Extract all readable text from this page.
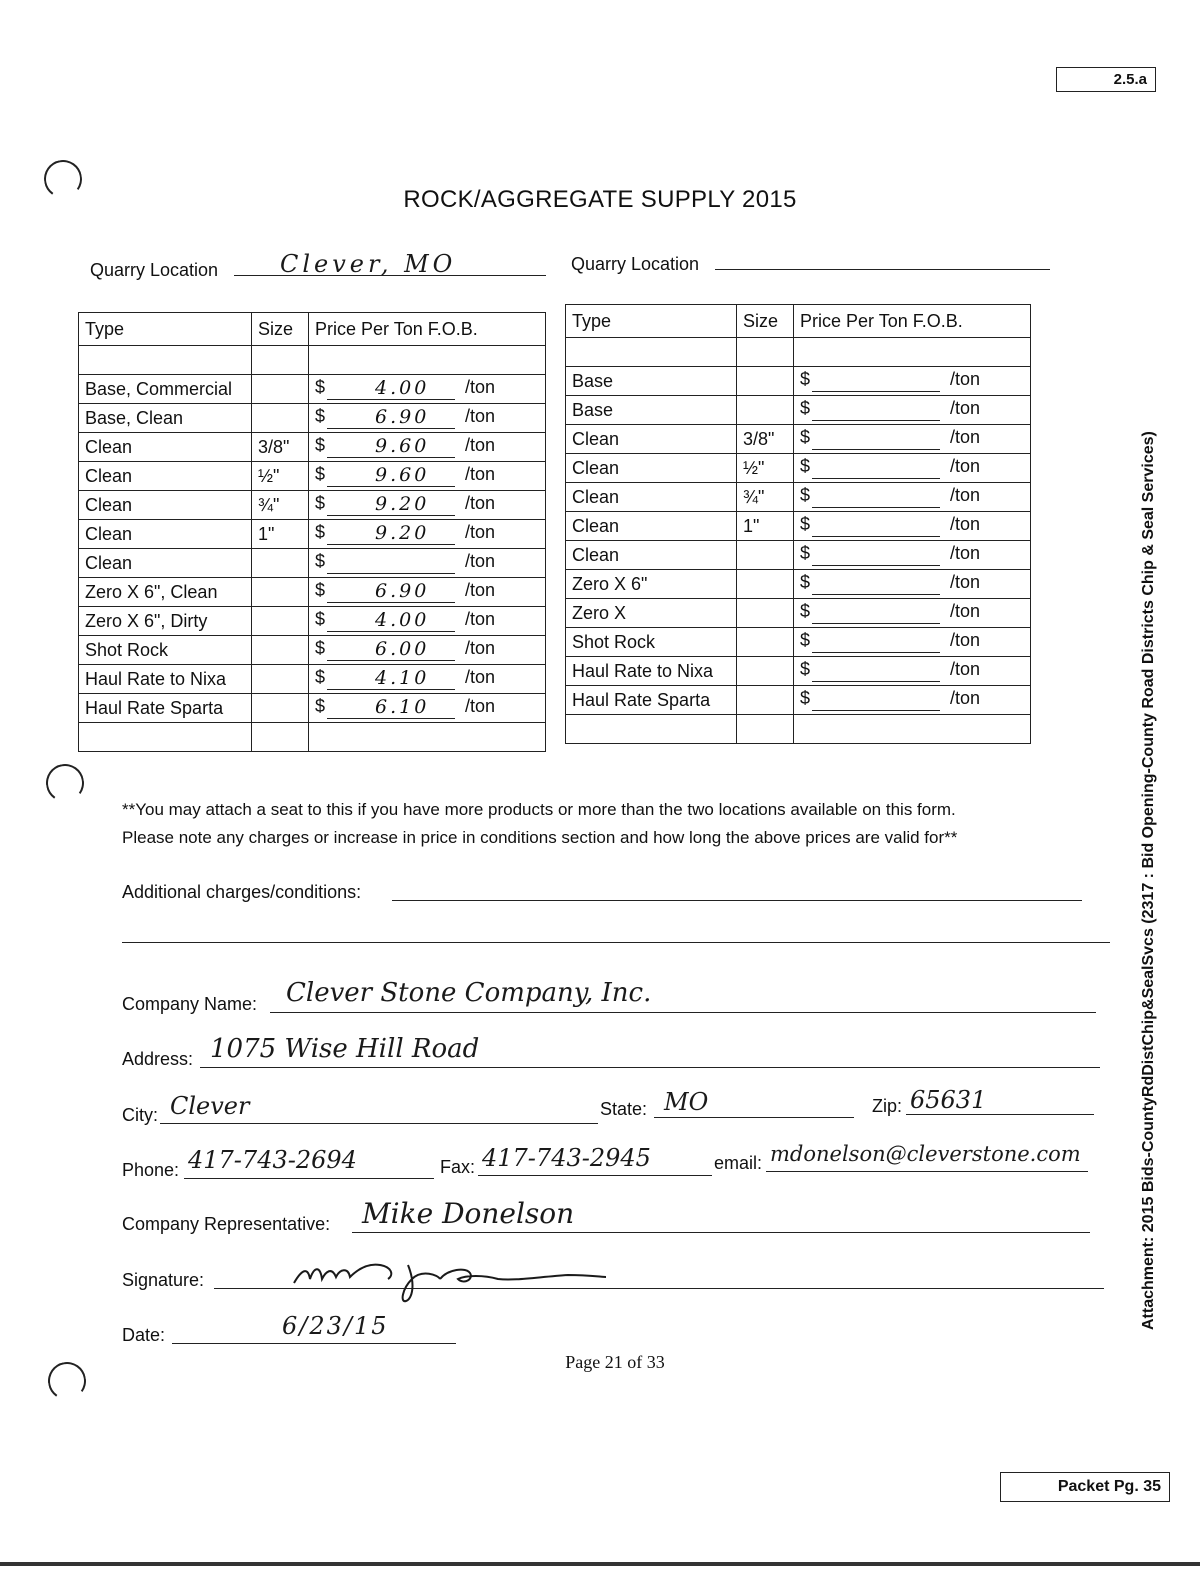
2.5.a
Packet Pg. 35
ROCK/AGGREGATE SUPPLY 2015
Quarry Location	Clever, MO	Quarry Location
Type	Size	Price Per Ton F.O.B.

Base, Commercial		$ 4.00 /ton

Base, Clean		$ 6.90 /ton

Clean	3/8"	$ 9.60 /ton

Clean	½"	$ 9.60 /ton

Clean	¾"	$ 9.20 /ton

Clean	1"	$ 9.20 /ton

Clean		$ /ton

Zero X 6", Clean		$ 6.90 /ton

Zero X 6", Dirty		$ 4.00 /ton

Shot Rock		$ 6.00 /ton

Haul Rate to Nixa		$ 4.10 /ton

Haul Rate Sparta		$ 6.10 /ton

Type	Size	Price Per Ton F.O.B.

Base		$ /ton

Base		$ /ton

Clean	3/8"	$ /ton

Clean	½"	$ /ton

Clean	¾"	$ /ton

Clean	1"	$ /ton

Clean		$ /ton

Zero X 6"		$ /ton

Zero X		$ /ton

Shot Rock		$ /ton

Haul Rate to Nixa		$ /ton

Haul Rate Sparta		$ /ton

**You may attach a seat to this if you have more products or more than the two locations available on this form.
Please note any charges or increase in price in conditions section and how long the above prices are valid for**
Additional charges/conditions:
Company Name: Clever Stone Company, Inc.
Address: 1075 Wise Hill Road
City: Clever	State: MO	Zip: 65631
Phone: 417-743-2694	Fax: 417-743-2945	email: mdonelson@cleverstone.com
Company Representative: Mike Donelson
Signature:
Date:	6/23/15
Page 21 of 33
Attachment: 2015 Bids-CountyRdDistChip&SealSvcs (2317 : Bid Opening-County Road Districts Chip & Seal Services)
